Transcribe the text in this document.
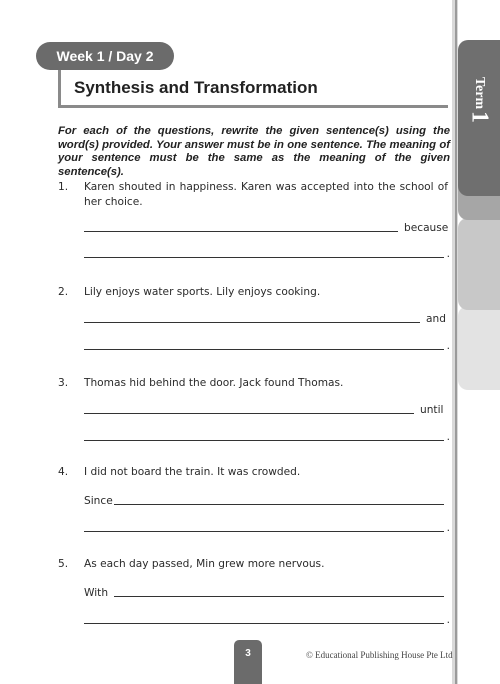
Term
1
Week 1 / Day 2
Synthesis and Transformation
For each of the questions, rewrite the given sentence(s) using the word(s) provided. Your answer must be in one sentence. The meaning of your sentence must be the same as the meaning of the given sentence(s).
1. Karen shouted in happiness. Karen was accepted into the school of her choice.
because
.
2. Lily enjoys water sports. Lily enjoys cooking.
and
.
3. Thomas hid behind the door. Jack found Thomas.
until
.
4. I did not board the train. It was crowded.
Since
.
5. As each day passed, Min grew more nervous.
With
.
3	© Educational Publishing House Pte Ltd
